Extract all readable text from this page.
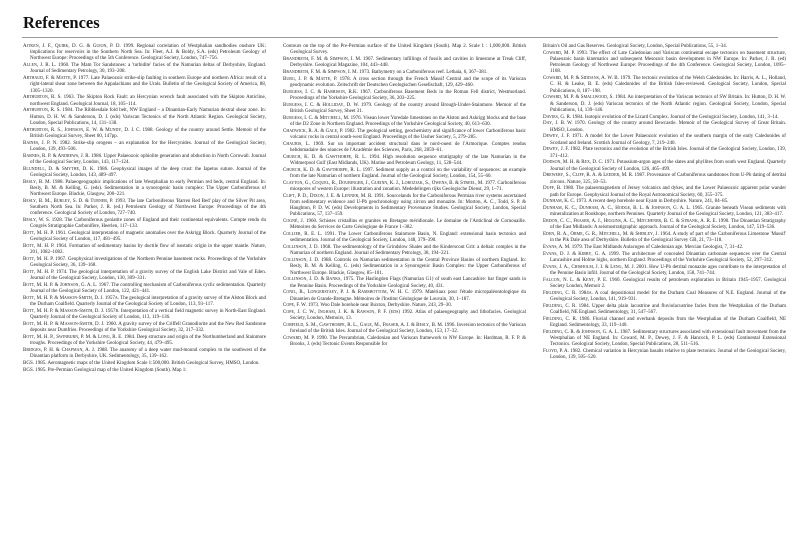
References

Aitken, J. F., Quirk, D. G. & Guion, P. D. 1999. Regional correlation of Westphalian sandbodies onshore UK: implications for reservoirs in the Southern North Sea. In: Fleet, A.J. & Boldy, S.A. (eds) Petroleum Geology of Northwest Europe: Proceedings of the 5th Conference. Geological Society, London, 747–756.

Allen, J. R. L. 1960. The Mam Tor Sandstones: a 'turbidite' facies of the Namurian deltas of Derbyshire, England. Journal of Sedimentary Petrology, 30, 193–208.

Arthaud, F. & Matte, P. 1977. Late Palaeozoic strike-slip faulting in southern Europe and northern Africa: result of a right-lateral shear zone between the Appalachians and the Urals. Bulletin of the Geological Society of America, 88, 1305–1320.

Arthurton, R. S. 1963. The Skipton Rock Fault: an Hercynian wrench fault associated with the Skipton Anticline, northwest England. Geological Journal, 18, 105–114.

Arthurton, R. S. 1984. The Ribblesdale fold belt, NW England – a Dinantian-Early Namurian dextral shear zone. In: Hutton, D. H. W. & Sanderson, D. J. (eds) Variscan Tectonics of the North Atlantic Region. Geological Society, London, Special Publications, 14, 131–138.

Arthurton, R. S., Johnson, E. W. & Mundy, D. J. C. 1988. Geology of the country around Settle. Memoir of the British Geological Survey, Sheet 60, 147pp.

Baines, J. P. N. 1982. Strike-slip orogens – an explanation for the Hercynides. Journal of the Geological Society, London, 139, 493–506.

Barnes, R. P. & Andrews, J. R. 1986. Upper Palaeozoic ophiolite generation and obduction in North Cornwall. Journal of the Geological Society, London, 143, 117–124.

Blundell, D. & Smythe, D. K. 1986. Geophysical images of the deep crust: the Iapetus suture. Journal of the Geological Society, London, 143, 489–497.

Besly, B. M. 1988. Palaeogeographic implications of late Westphalian to early Permian red beds, central England. In: Besly, B. M. & Kelling, G. (eds). Sedimentation in a synorogenic basin complex: The Upper Carboniferous of Northwest Europe. Blackie, Glasgow, 200–221.

Besly, B. M., Burley, S. D. & Turner, P. 1993. The late Carboniferous 'Barren Red Bed' play of the Silver Pit area, Southern North Sea. In: Parker, J. R. (ed.) Petroleum Geology of Northwest Europe: Proceedings of the 4th conference. Geological Society of London, 727–740.

Besly, W. S. 1928. The Carboniferous goniatite zones of England and their continental equivalents. Compte rendu du Congrès Stratigraphie Carbonifère, Heerlen, 117–133.

Bott, M. H. P. 1961. Geological interpretation of magnetic anomalies over the Askrigg Block. Quarterly Journal of the Geological Society of London, 117, 481–495.

Bott, M. H. P. 1964. Formation of sedimentary basins by ductile flow of isostatic origin in the upper mantle. Nature, 201, 1082–1082.

Bott, M. H. P. 1967. Geophysical investigations of the Northern Pennine basement rocks. Proceedings of the Yorkshire Geological Society, 36, 139–168.

Bott, M. H. P. 1974. The geological interpretation of a gravity survey of the English Lake District and Vale of Eden. Journal of the Geological Society, London, 130, 309–331.

Bott, M. H. P. & Johnson, G. A. L. 1967. The controlling mechanism of Carboniferous cyclic sedimentation. Quarterly Journal of the Geological Society of London, 122, 421–441.

Bott, M. H. P. & Masson-Smith, D. J. 1957a. The geological interpretation of a gravity survey of the Alston Block and the Durham Coalfield. Quarterly Journal of the Geological Society of London, 113, 93–117.

Bott, M. H. P. & Masson-Smith, D. J. 1957b. Interpretation of a vertical field magnetic survey in North-East England. Quarterly Journal of the Geological Society of London, 113, 119–136.

Bott, M. H. P. & Masson-Smith, D. J. 1960. A gravity survey of the Criffell Granodiorite and the New Red Sandstone deposits near Dumfries. Proceedings of the Yorkshire Geological Society, 32, 317–332.

Bott, M. H. P., Swinburn, P. M. & Long, R. E. 1984. Deep structure and origin of the Northumberland and Stainmore troughs. Proceedings of the Yorkshire Geological Society, 44, 479–495.

Bridges, P. H. & Chapman, A. J. 1988. The anatomy of a deep water mud-mound complex to the southwest of the Dinantian platform in Derbyshire, UK. Sedimentology, 35, 139–162.

BGS. 1985. Aeromagnetic maps of the United Kingdom Scale 1:500,000. British Geological Survey, HMSO, London.

BGS. 1985. Pre-Permian Geological map of the United Kingdom (South). Map 1:

Contours on the top of the Pre-Permian surface of the United Kingdom (South). Map 2. Scale 1 : 1,000,000. British Geological Survey.

Brandreth, F. M. & Simpson, I. M. 1967. Sedimentary infillings of fossils and cavities in limestone at Treak Cliff, Derbyshire. Geological Magazine, 104, 443–448.

Brandreth, F. M. & Simpson, I. M. 1973. Bathymetry on a Carboniferous reef. Lethaia, 6, 367–381.

Burg, J. P. & Matte, P. 1978. A cross section through the French Massif Central and the scope of its Variscan geodynamic evolution. Zeitschrift der Deutschen Geologischen Gesellschaft, 129, 429–460.

Burgess, I. C. & Harrison, R.K. 1967. Carboniferous Basement Beds in the Roman Fell district, Westmorland. Proceedings of the Yorkshire Geological Society, 36, 203–225.

Burgess, I. C. & Holliday, D. W. 1979. Geology of the country around Brough-Under-Stainmore. Memoir of the British Geological Survey, Sheet 31.

Burgess, I. C. & Mitchell, M. 1976. Visean lower Yoredale limestones on the Alston and Askrigg blocks and the base of the D2 Zone in Northern England. Proceedings of the Yorkshire Geological Society, 40, 613–630.

Chadwick, R. A. & Gale, P. 1982. The geological setting, geochemistry and significance of lower Carboniferous basic volcanic rocks in central south-west England. Proceedings of the Ussher Society, 5, 279–285.

Chauris, L. 1969. Sur un important accident structural dans le nord-ouest de l'Armorique. Comptes rendus hebdomadaire des séances de l'Académie des Sciences, Paris, 268, 2859–61.

Church, K. D. & Gawthorpe, R. L. 1994. High resolution sequence stratigraphy of the late Namurian in the Widmerpool Gulf (East Midlands, UK). Marine and Petroleum Geology, 11, 528–544.

Church, K. D. & Gawthorpe, R. L. 1997. Sediment supply as a control on the variability of sequences: an example from the late Namurian of northern England. Journal of the Geological Society, London, 154, 55–60.

Clayton, G., Coquel, R., Doubinger, J., Gueinn, K. J., Loboziak, S., Owens, B. & Streel, M. 1977. Carboniferous miospores of western Europe: illustration and zonation. Mededelingen rijks Geologische Dienst, 29, 1–71.

Clift, P. D., Dixon, J. E. & Lenner, M. R. 1991. Sourcelands for the Carboniferous Permian river systems ascertained from sedimentary evidence and U-Pb geochronology using zircon and monazite. In: Morton, A. C., Todd, S. P. & Haughton, P. D. W. (eds) Developments in Sedimentary Provenance Studies. Geological Society, London, Special Publications, 57, 137–159.

Cogné, J. 1960. Schistes cristallins et granites en Bretagne méridionale. Le domaine de l'Anticlinal de Cornouaille. Mémoires du Services de Carte Géologique de France 1–382.

Collier, R. E. L. 1991. The Lower Carboniferous Stainmore Basin, N. England: extensional basin tectonics and sedimentation. Journal of the Geological Society, London, 148, 379–390.

Collinson, J. D. 1968. The sedimentology of the Grindslow Shales and the Kinderscout Grit: a deltaic complex in the Namurian of northern England. Journal of Sedimentary Petrology, 38, 194–221.

Collinson, J. D. 1988. Controls on Namurian sedimentation in the Central Province Basins of northern England. In: Besly, B. M. & Kelling, G. (eds) Sedimentation in a Synorogenic Basin Complex: the Upper Carboniferous of Northwest Europe. Blackie, Glasgow, 85–101.

Collinson, J. D. & Banks, 1975. The Haslingden Flags (Namurian G1) of south east Lancashire: bar finger sands in the Pennine Basin. Proceedings of the Yorkshire Geological Society, 40, 431.

Conil, R., Longerstaey, P. J. & Ramsbottom, W. H. C. 1979. Matériaux pour l'étude micropaléontologique du Dinantien de Grande-Bretagne. Mémoires de l'Institut Géologique de Louvain, 30, 1–187.

Cope, F. W. 1973. Woo Dale borehole near Buxton, Derbyshire. Nature, 243, 29–30.

Cope, J. C. W., Ingham, J. K. & Rawson, P. F. (eds) 1992. Atlas of palaeogeography and lithofacies. Geological Society, London, Memoirs, 13.

Corfield, S. M., Gawthorpe, R. L., Gage, M., Fraser, A. J. & Besly, B. M. 1996. Inversion tectonics of the Variscan foreland of the British Isles. Journal of the Geological Society, London, 153, 17–32.

Coward, M. P. 1990. The Precambrian, Caledonian and Variscan framework to NW Europe. In: Hardman, R. F. P. & Brooks, J. (eds) Tectonic Events Responsible for

Britain's Oil and Gas Reserves. Geological Society, London, Special Publications, 55, 1–34.

Coward, M. P. 1993. The effect of Late Caledonian and Variscan continental escape tectonics on basement structure, Palaeozoic basin kinematics and subsequent Mesozoic basin development in NW Europe. In: Parker, J. R. (ed) Petroleum Geology of Northwest Europe: Proceedings of the 4th Conference. Geological Society, London, 1095–1108.

Coward, M. P. & Siddans, A. W. B. 1979. The tectonic evolution of the Welsh Caledonides. In: Harris, A. L., Holland, C. H. & Leake, B. E. (eds) Caledonides of the British Isles-reviewed. Geological Society, London, Special Publications, 8, 187–198.

Coward, M. P. & Smallwood, S. 1984. An interpretation of the Variscan tectonics of SW Britain. In: Hutton, D. H. W. & Sanderson, D. J. (eds) Variscan tectonics of the North Atlantic region. Geological Society, London, Special Publications, 14, 139–146.

Davies, G. R. 1984. Isotopic evolution of the Lizard Complex. Journal of the Geological Society, London, 141, 3–14.

Day, J. B. W. 1970. Geology of the country around Bewcastle. Memoir of the Geological Survey of Great Britain. HMSO, London.

Dewey, J. F. 1971. A model for the Lower Palaeozoic evolution of the southern margin of the early Caledonides of Scotland and Ireland. Scottish Journal of Geology, 7, 219–240.

Dewey, J. F. 1982. Plate tectonics and the evolution of the British Isles. Journal of the Geological Society, London, 139, 371–412.

Dodson, M. H. & Rex, D. C. 1971. Potassium-argon ages of the slates and phyllites from south west England. Quarterly Journal of the Geological Society of London, 126, 465–499.

Drewery, S., Cliff, R. A. & Leeder, M. R. 1987. Provenance of Carboniferous sandstones from U-Pb dating of detrital zircons. Nature, 325, 50–53.

Duff, B. 1980. The palaeomagnetism of Jersey volcanics and dykes, and the Lower Palaeozoic apparent polar wander path for Europe. Geophysical Journal of the Royal Astronomical Society, 60, 355–375.

Dunham, K. C. 1973. A recent deep borehole near Eyam in Derbyshire. Nature, 241, 84–85.

Dunham, K. C., Dunham, A. C., Hodge, B. L. & Johnson, G. A. L. 1965. Granite beneath Visean sediments with mineralization at Rookhope, northern Pennines. Quarterly Journal of the Geological Society, London, 121, 383–417.

Ebdon, C. C., Fraser, A. J., Higgins, A. C., Mitchener, B. C. & Strank, A. R. E. 1990. The Dinantian Stratigraphy of the East Midlands: A seismostratigraphic approach. Journal of the Geological Society, London, 147, 519–536.

Eden, R. A., Orme, G. R., Mitchell, M. & Shirley, J. 1964. A study of part of the Carboniferous Limestone 'Massif' in the Pik Dale area of Derbyshire. Bulletin of the Geological Survey GB, 21, 73–118.

Evans, A. M. 1979. The East Midlands Aulacogen of Caledonian age. Mercian Geologist, 7, 31–42.

Evans, D. J. & Kirby, G. A. 1999. The architecture of concealed Dinantian carbonate sequences over the Central Lancashire and Holme highs, northern England. Proceedings of the Yorkshire Geological Society, 52, 297–312.

Evans, J. A., Chisholm, J. I. & Leng, M. J. 2001. How U-Pb detrital monazite ages contribute to the interpretation of the Pennine Basin infill. Journal of the Geological Society, London, 158, 741–744.

Falcon, N. L. & Kent, P. E. 1960. Geological results of petroleum exploration in Britain 1945–1957. Geological Society London, Memoir 2.

Fielding, C. R. 1984a. A coal depositional model for the Durham Coal Measures of N.E. England. Journal of the Geological Society, London, 141, 919–931.

Fielding, C. R. 1984. Upper delta plain lacustrine and fluviolacustrine facies from the Westphalian of the Durham Coalfield, NE England. Sedimentology, 31, 547–567.

Fielding, C. R. 1986. Fluvial channel and overbank deposits from the Westphalian of the Durham Coalfield, NE England. Sedimentology, 33, 119–140.

Fielding, C. R. & Johnson, G. A. L. 1987. Sedimentary structures associated with extensional fault movement from the Westphalian of NE England. In: Coward, M. P., Dewey, J. F. & Hancock, P. L. (eds) Continental Extensional Tectonics. Geological Society, London, Special Publications, 28, 511–516.

Floyd, P. A. 1982. Chemical variation in Hercynian basalts relative to plate tectonics. Journal of the Geological Society, London, 139, 505–520.
